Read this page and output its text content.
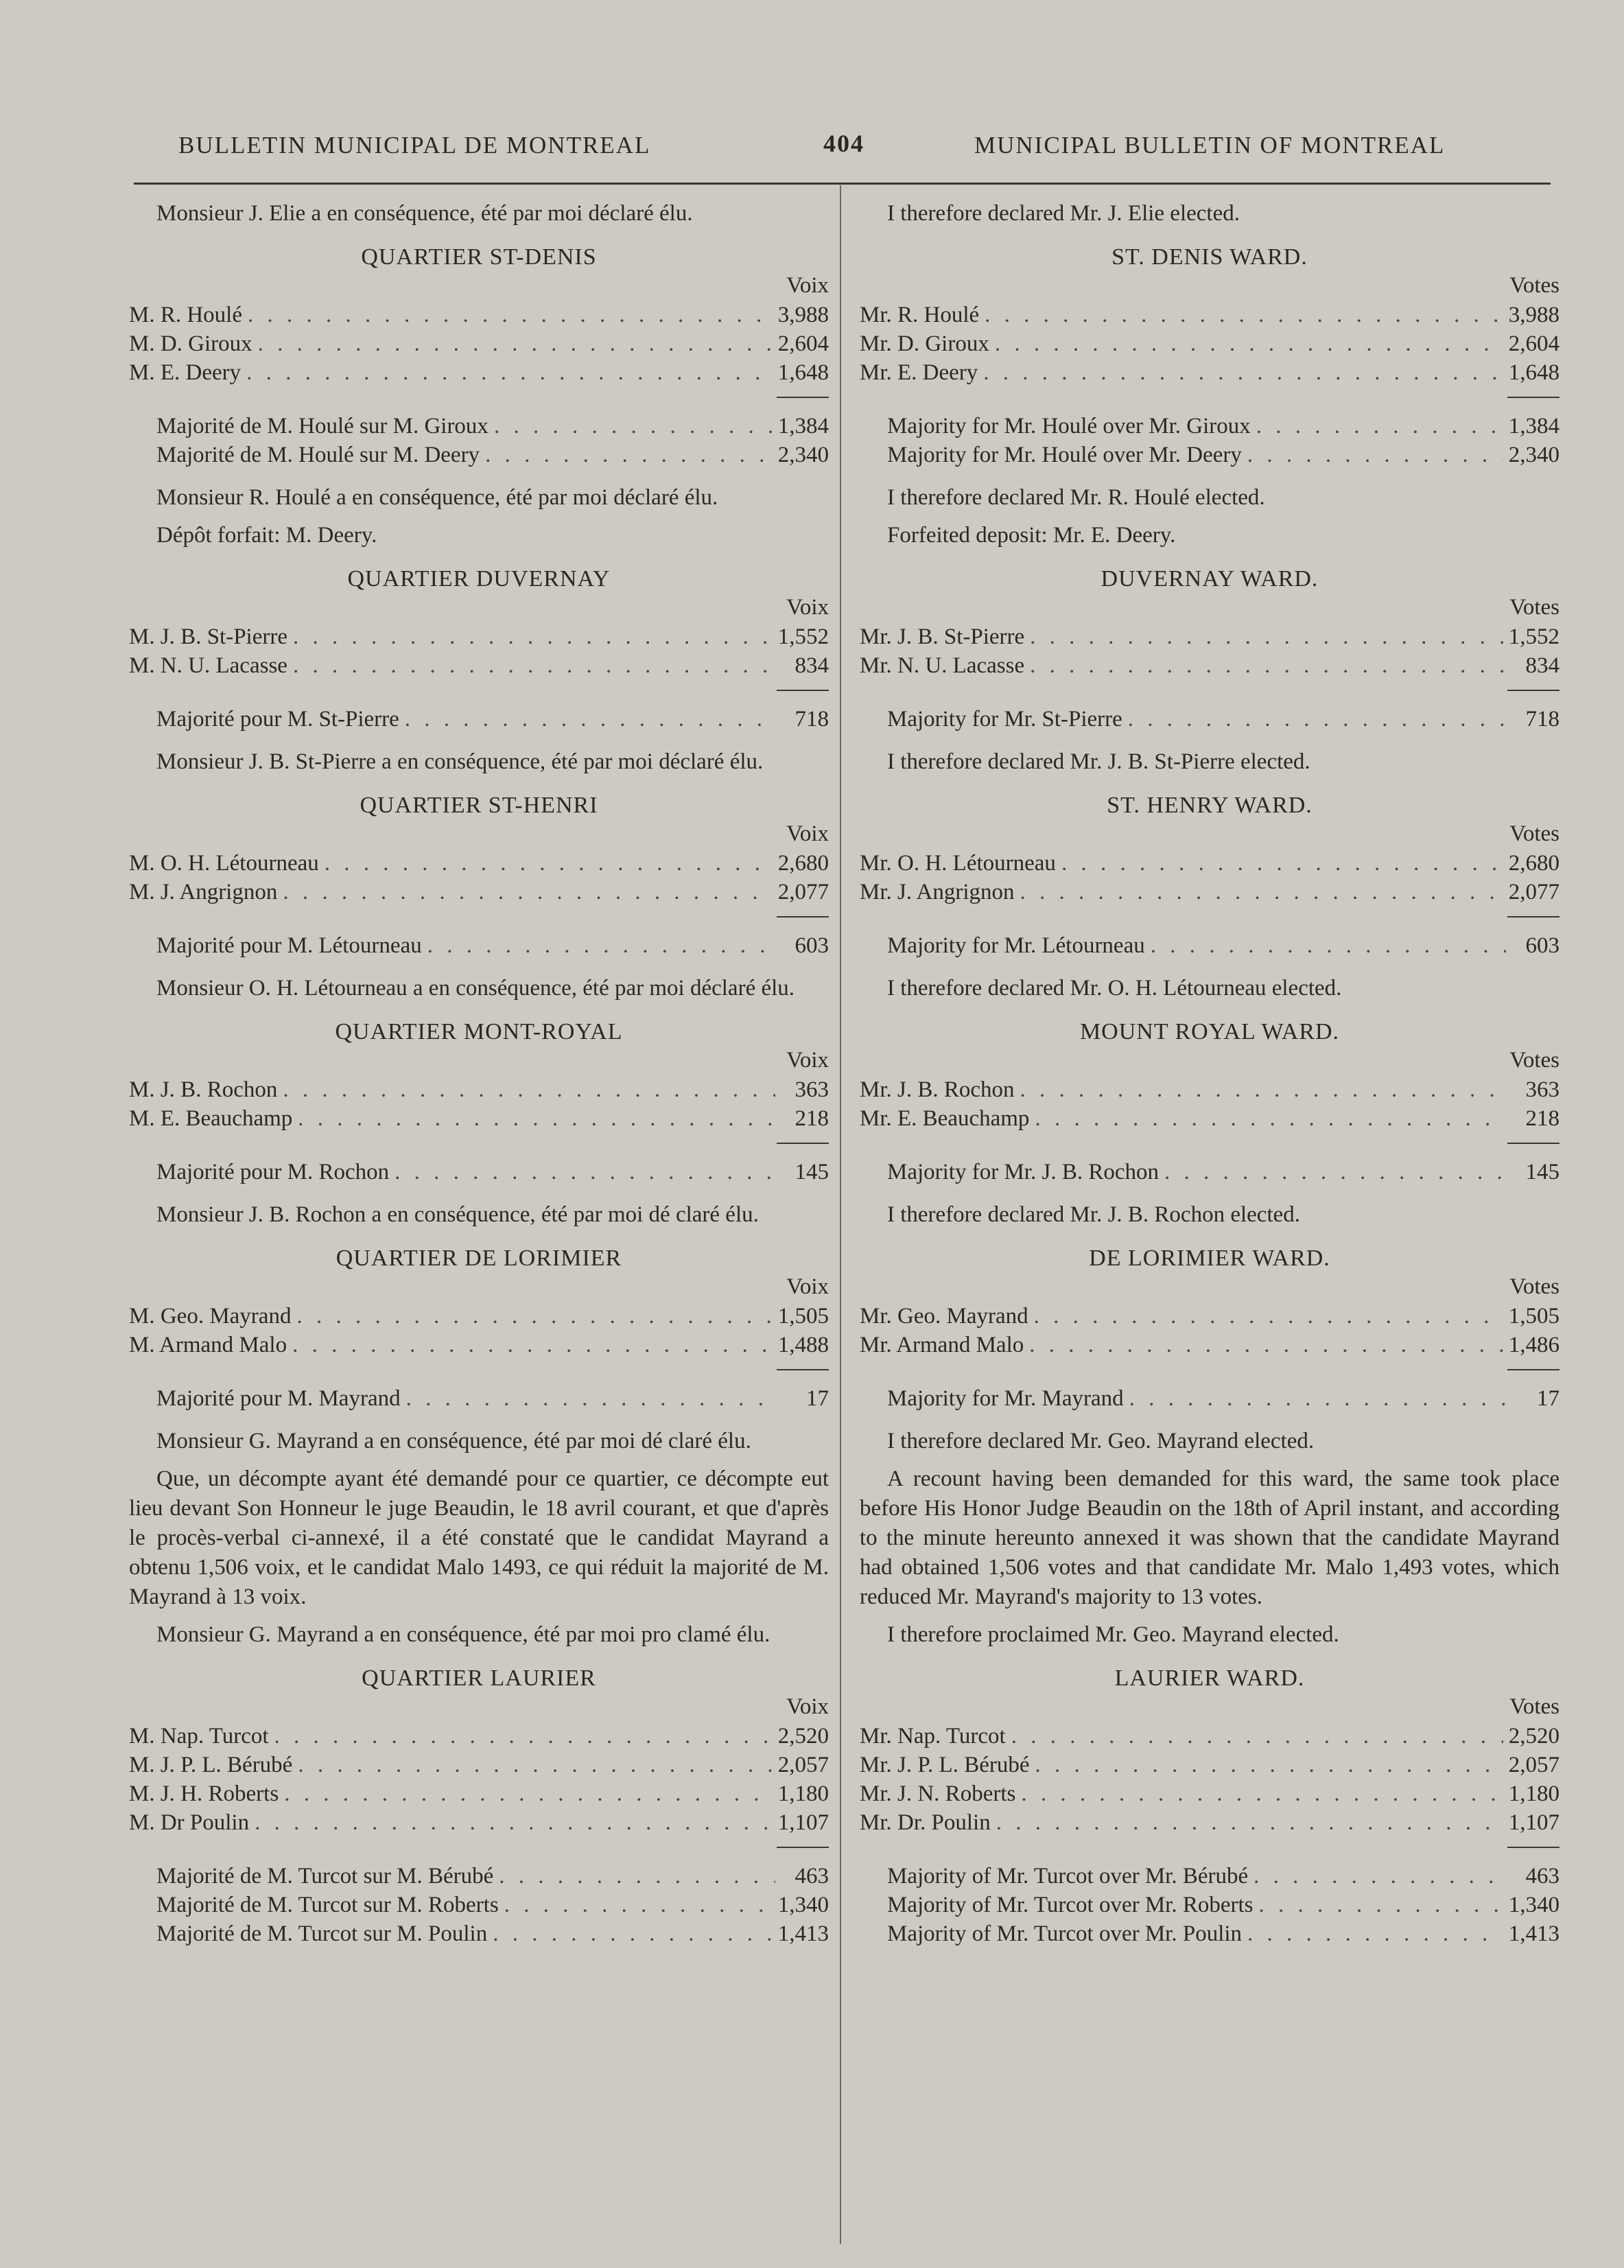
BULLETIN MUNICIPAL DE MONTREAL	404	MUNICIPAL BULLETIN OF MONTREAL

Monsieur J. Elie a en conséquence, été par moi déclaré élu.

QUARTIER ST-DENIS

Voix

M. R. Houlé . . .	3,988
M. D. Giroux . . .	2,604
M. E. Deery . . .	1,648
Majorité de M. Houlé sur M. Giroux . . .	1,384
Majorité de M. Houlé sur M. Deery . . .	2,340

Monsieur R. Houlé a en conséquence, été par moi déclaré élu.

Dépôt forfait: M. Deery.

QUARTIER DUVERNAY

Voix

M. J. B. St-Pierre . . .	1,552
M. N. U. Lacasse . . .	834
Majorité pour M. St-Pierre . . .	718

Monsieur J. B. St-Pierre a en conséquence, été par moi déclaré élu.

QUARTIER ST-HENRI

Voix

M. O. H. Létourneau . . .	2,680
M. J. Angrignon . . .	2,077
Majorité pour M. Létourneau . . .	603

Monsieur O. H. Létourneau a en conséquence, été par moi déclaré élu.

QUARTIER MONT-ROYAL

Voix

M. J. B. Rochon . . .	363
M. E. Beauchamp . . .	218
Majorité pour M. Rochon . . .	145

Monsieur J. B. Rochon a en conséquence, été par moi dé claré élu.

QUARTIER DE LORIMIER

Voix

M. Geo. Mayrand . . .	1,505
M. Armand Malo . . .	1,488
Majorité pour M. Mayrand . . .	17

Monsieur G. Mayrand a en conséquence, été par moi dé claré élu.

Que, un décompte ayant été demandé pour ce quartier, ce décompte eut lieu devant Son Honneur le juge Beaudin, le 18 avril courant, et que d'après le procès-verbal ci-annexé, il a été constaté que le candidat Mayrand a obtenu 1,506 voix, et le candidat Malo 1493, ce qui réduit la majorité de M. Mayrand à 13 voix.

Monsieur G. Mayrand a en conséquence, été par moi pro clamé élu.

QUARTIER LAURIER

Voix

M. Nap. Turcot . . .	2,520
M. J. P. L. Bérubé . . .	2,057
M. J. H. Roberts . . .	1,180
M. Dr Poulin . . .	1,107
Majorité de M. Turcot sur M. Bérubé . . .	463
Majorité de M. Turcot sur M. Roberts . . .	1,340
Majorité de M. Turcot sur M. Poulin . . .	1,413

I therefore declared Mr. J. Elie elected.

ST. DENIS WARD.

Votes

Mr. R. Houlé . . .	3,988
Mr. D. Giroux . . .	2,604
Mr. E. Deery . . .	1,648
Majority for Mr. Houlé over Mr. Giroux . . .	1,384
Majority for Mr. Houlé over Mr. Deery . . .	2,340

I therefore declared Mr. R. Houlé elected.

Forfeited deposit: Mr. E. Deery.

DUVERNAY WARD.

Votes

Mr. J. B. St-Pierre . . .	1,552
Mr. N. U. Lacasse . . .	834
Majority for Mr. St-Pierre . . .	718

I therefore declared Mr. J. B. St-Pierre elected.

ST. HENRY WARD.

Votes

Mr. O. H. Létourneau . . .	2,680
Mr. J. Angrignon . . .	2,077
Majority for Mr. Létourneau . . .	603

I therefore declared Mr. O. H. Létourneau elected.

MOUNT ROYAL WARD.

Votes

Mr. J. B. Rochon . . .	363
Mr. E. Beauchamp . . .	218
Majority for Mr. J. B. Rochon . . .	145

I therefore declared Mr. J. B. Rochon elected.

DE LORIMIER WARD.

Votes

Mr. Geo. Mayrand . . .	1,505
Mr. Armand Malo . . .	1,486
Majority for Mr. Mayrand . . .	17

I therefore declared Mr. Geo. Mayrand elected.

A recount having been demanded for this ward, the same took place before His Honor Judge Beaudin on the 18th of April instant, and according to the minute hereunto annexed it was shown that the candidate Mayrand had obtained 1,506 votes and that candidate Mr. Malo 1,493 votes, which reduced Mr. Mayrand's majority to 13 votes.

I therefore proclaimed Mr. Geo. Mayrand elected.

LAURIER WARD.

Votes

Mr. Nap. Turcot . . .	2,520
Mr. J. P. L. Bérubé . . .	2,057
Mr. J. N. Roberts . . .	1,180
Mr. Dr. Poulin . . .	1,107
Majority of Mr. Turcot over Mr. Bérubé . . .	463
Majority of Mr. Turcot over Mr. Roberts . . .	1,340
Majority of Mr. Turcot over Mr. Poulin . . .	1,413
